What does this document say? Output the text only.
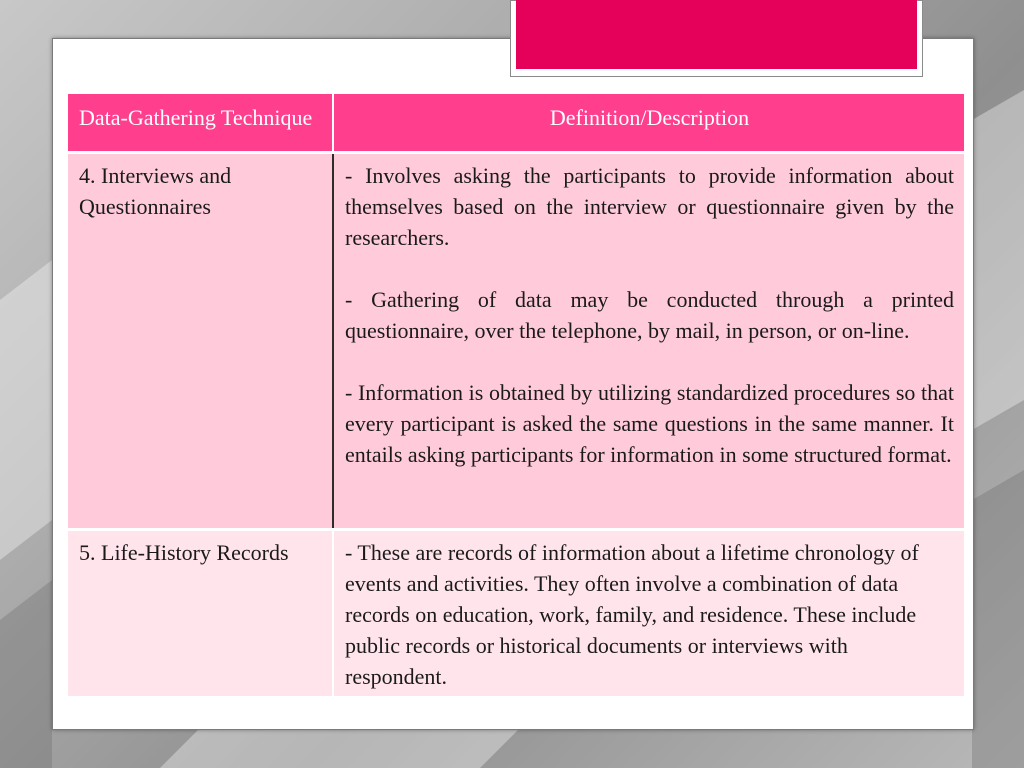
Data-Gathering Technique	Definition/Description

4. Interviews and Questionnaires	- Involves asking the participants to provide information about themselves based on the interview or questionnaire given by the researchers.

- Gathering of data may be conducted through a printed questionnaire, over the telephone, by mail, in person, or on-line.

- Information is obtained by utilizing standardized procedures so that every participant is asked the same questions in the same manner. It entails asking participants for information in some structured format.

5. Life-History Records	- These are records of information about a lifetime chronology of events and activities. They often involve a combination of data records on education, work, family, and residence. These include public records or historical documents or interviews with respondent.
